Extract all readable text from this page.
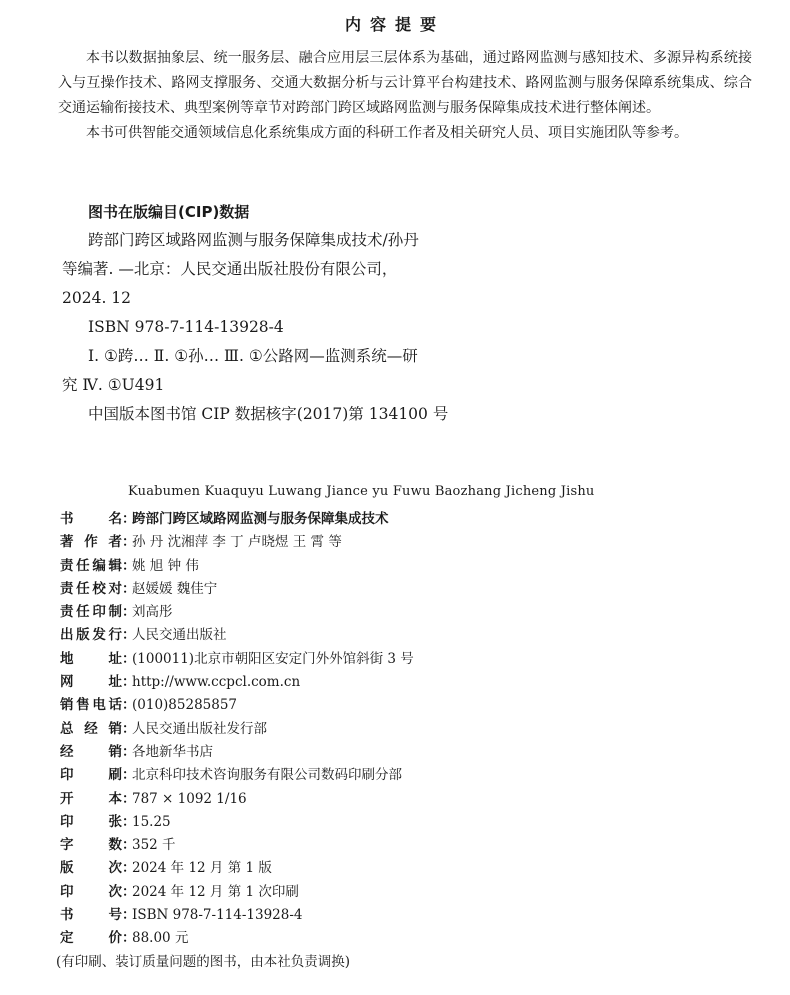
内容提要

本书以数据抽象层、统一服务层、融合应用层三层体系为基础，通过路网监测与感知技术、多源异构系统接入与互操作技术、路网支撑服务、交通大数据分析与云计算平台构建技术、路网监测与服务保障系统集成、综合交通运输衔接技术、典型案例等章节对跨部门跨区域路网监测与服务保障集成技术进行整体阐述。

本书可供智能交通领域信息化系统集成方面的科研工作者及相关研究人员、项目实施团队等参考。

图书在版编目(CIP)数据
跨部门跨区域路网监测与服务保障集成技术/孙丹
等编著. —北京：人民交通出版社股份有限公司，
2024. 12
ISBN 978-7-114-13928-4
Ⅰ. ①跨… Ⅱ. ①孙… Ⅲ. ①公路网—监测系统—研
究 Ⅳ. ①U491
中国版本图书馆 CIP 数据核字(2017)第 134100 号
Kuabumen Kuaquyu Luwang Jiance yu Fuwu Baozhang Jicheng Jishu
书名 ：
跨部门跨区域路网监测与服务保障集成技术
著作者 ：
孙 丹 沈湘萍 李 丁 卢晓煜 王 霄 等
责任编辑 ：
姚 旭 钟 伟
责任校对 ：
赵媛媛 魏佳宁
责任印制 ：
刘高彤
出版发行 ：
人民交通出版社
地址 ：
(100011)北京市朝阳区安定门外外馆斜街 3 号
网址 ：
http://www.ccpcl.com.cn
销售电话 ：
(010)85285857
总经销 ：
人民交通出版社发行部
经销 ：
各地新华书店
印刷 ：
北京科印技术咨询服务有限公司数码印刷分部
开本 ：
787 × 1092 1/16
印张 ：
15.25
字数 ：
352 千
版次 ：
2024 年 12 月 第 1 版
印次 ：
2024 年 12 月 第 1 次印刷
书号 ：
ISBN 978-7-114-13928-4
定价 ：
88.00 元
(有印刷、装订质量问题的图书，由本社负责调换)
